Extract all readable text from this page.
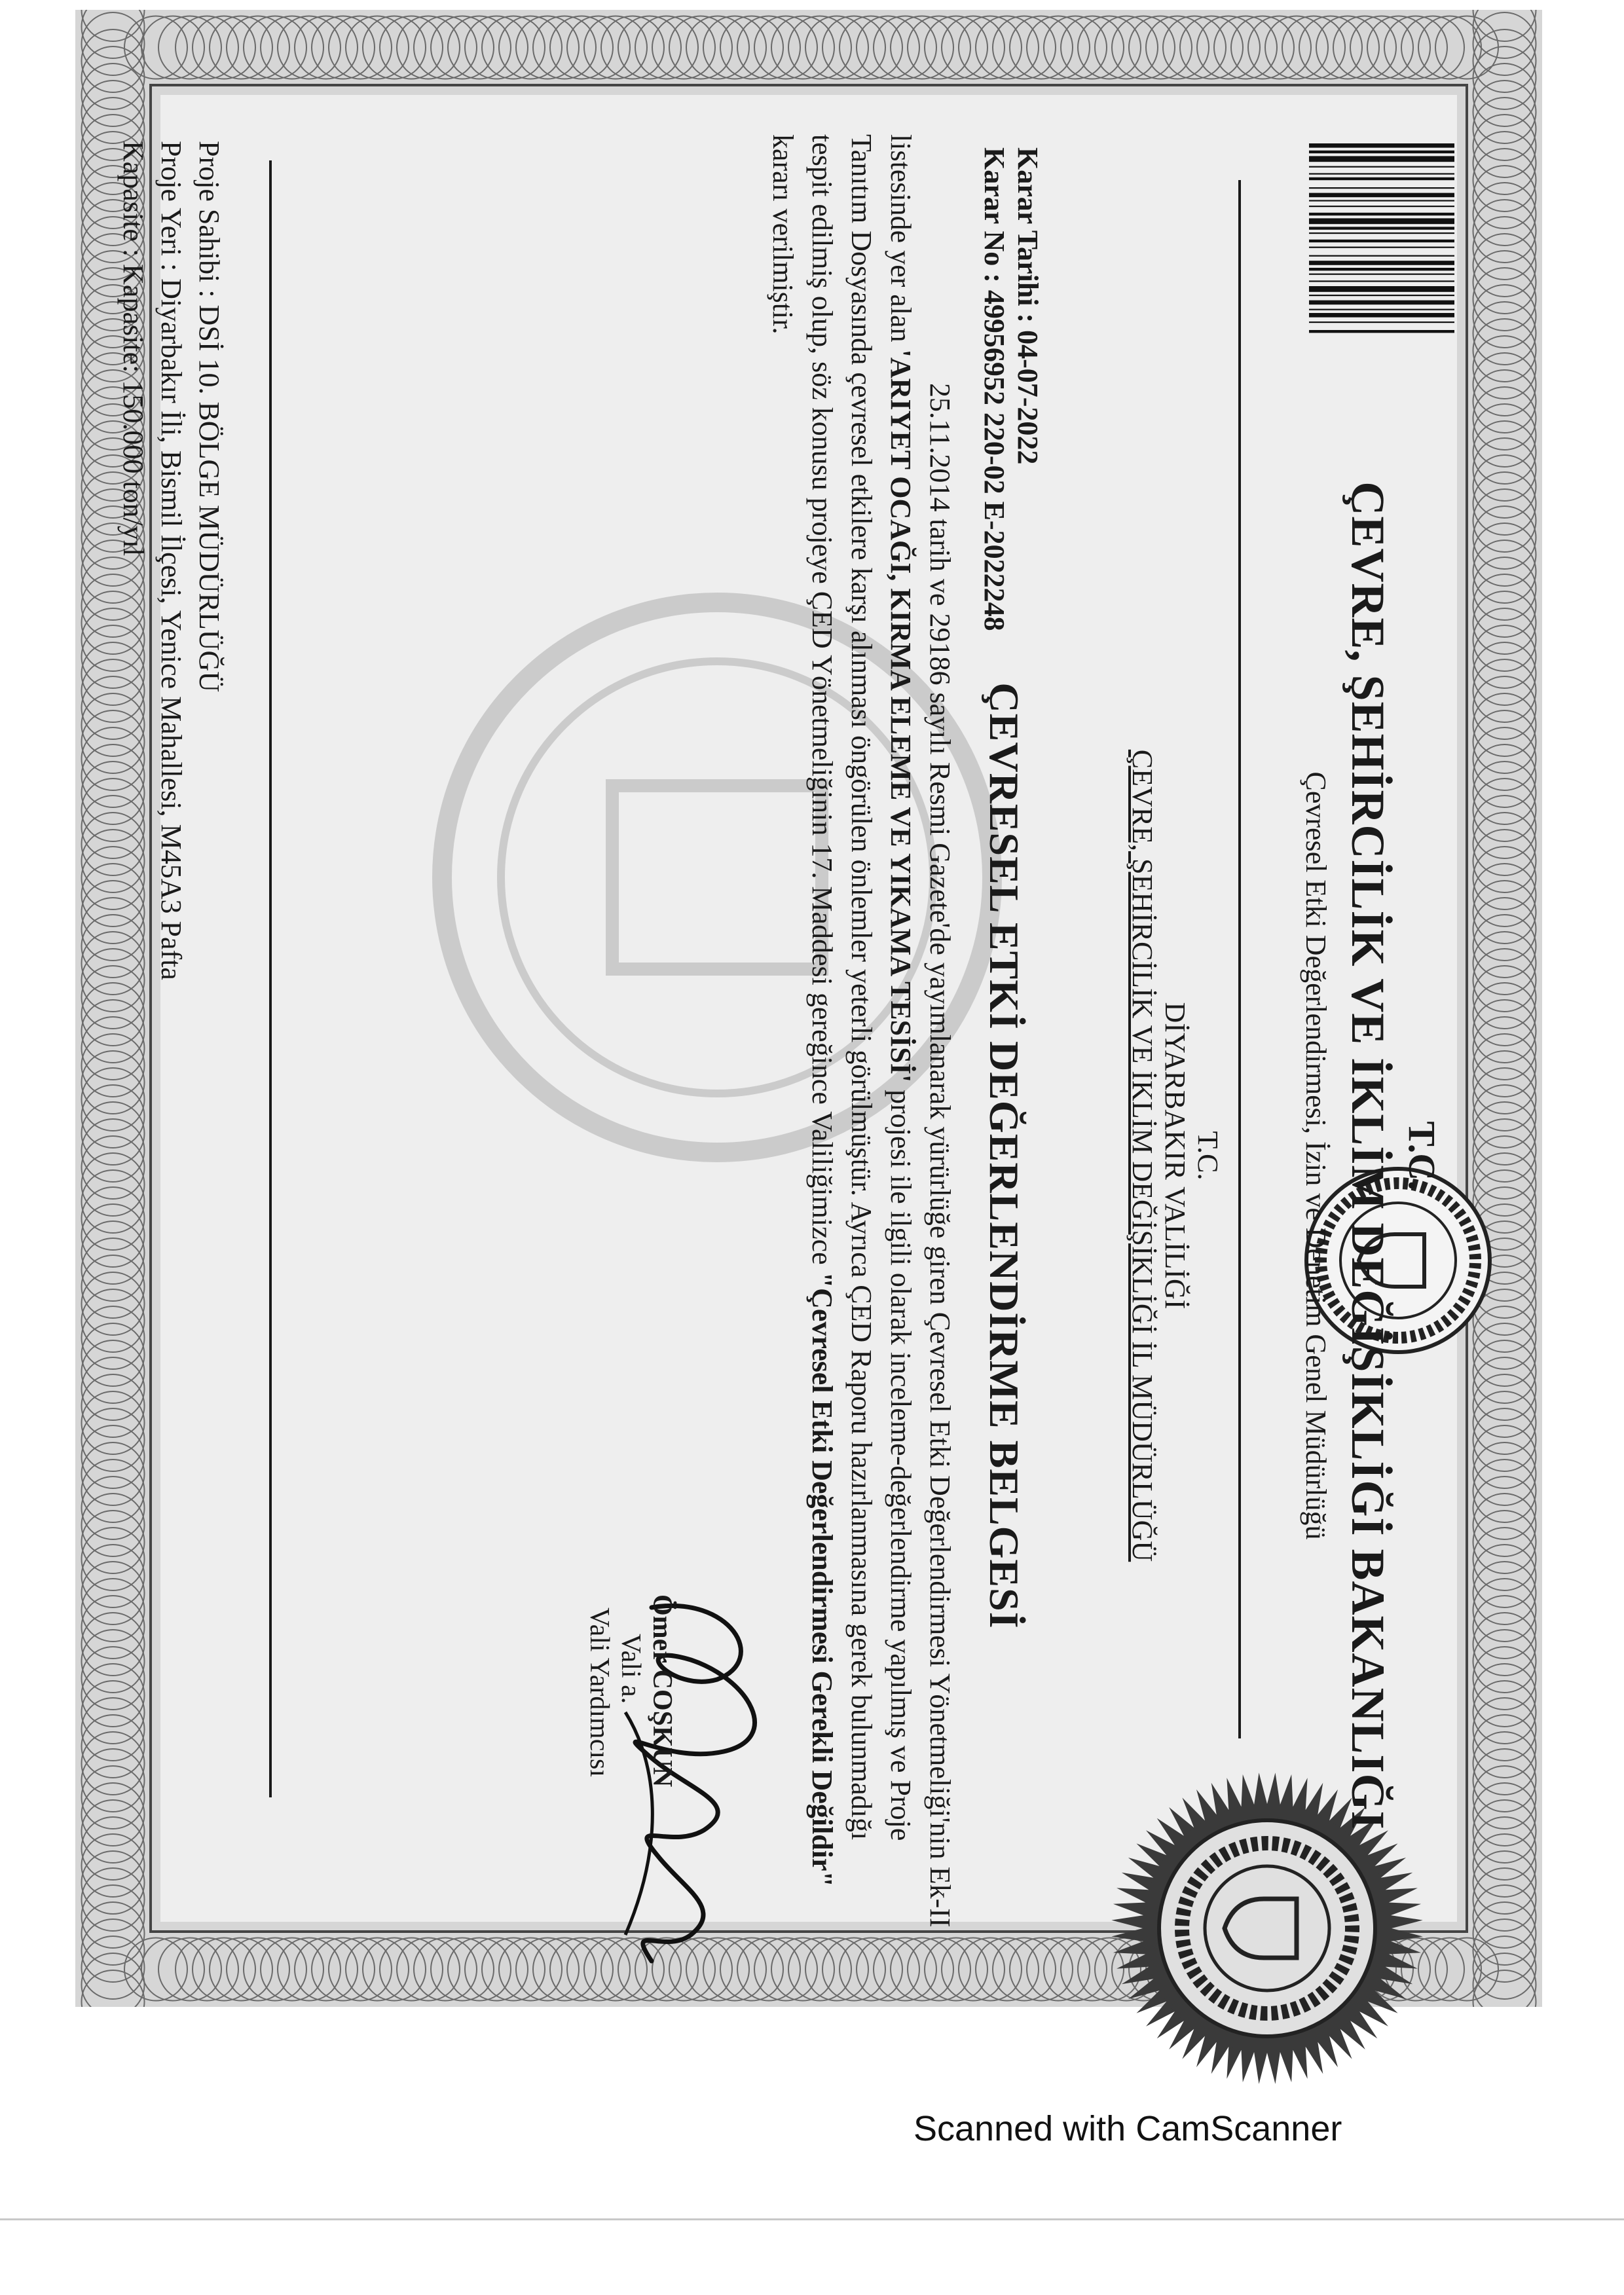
T.C.
ÇEVRE, ŞEHİRCİLİK VE İKLİM DEĞİŞİKLİĞİ BAKANLIĞI
Çevresel Etki Değerlendirmesi, İzin ve Denetim Genel Müdürlüğü
T.C.
DİYARBAKIR VALİLİĞİ
ÇEVRE, ŞEHİRCİLİK VE İKLİM DEĞİŞİKLİĞİ İL MÜDÜRLÜĞÜ
Karar Tarihi : 04-07-2022
Karar No : 49956952 220-02 E-2022248
ÇEVRESEL ETKİ DEĞERLENDİRME BELGESİ
25.11.2014 tarih ve 29186 sayılı Resmi Gazete'de yayımlanarak yürürlüğe giren Çevresel Etki Değerlendirmesi Yönetmeliği'nin Ek-II
listesinde yer alan 'ARIYET OCAĞI, KIRMA ELEME VE YIKAMA TESİSİ' projesi ile ilgili olarak inceleme-değerlendirme yapılmış ve Proje
Tanıtım Dosyasında çevresel etkilere karşı alınması öngörülen önlemler yeterli görülmüştür. Ayrıca ÇED Raporu hazırlanmasına gerek bulunmadığı
tespit edilmiş olup, söz konusu projeye ÇED Yönetmeliğinin 17. Maddesi gereğince Valiliğimizce "Çevresel Etki Değerlendirmesi Gerekli Değildir"
kararı verilmiştir.
Ömer COŞKUN
Vali a.
Vali Yardımcısı
Proje Sahibi : DSİ 10. BÖLGE MÜDÜRLÜĞÜ
Proje Yeri : Diyarbakır İli, Bismil İlçesi, Yenice Mahallesi, M45A3 Pafta
Kapasite : Kapasite: 150.000 ton/yıl
Scanned with CamScanner
